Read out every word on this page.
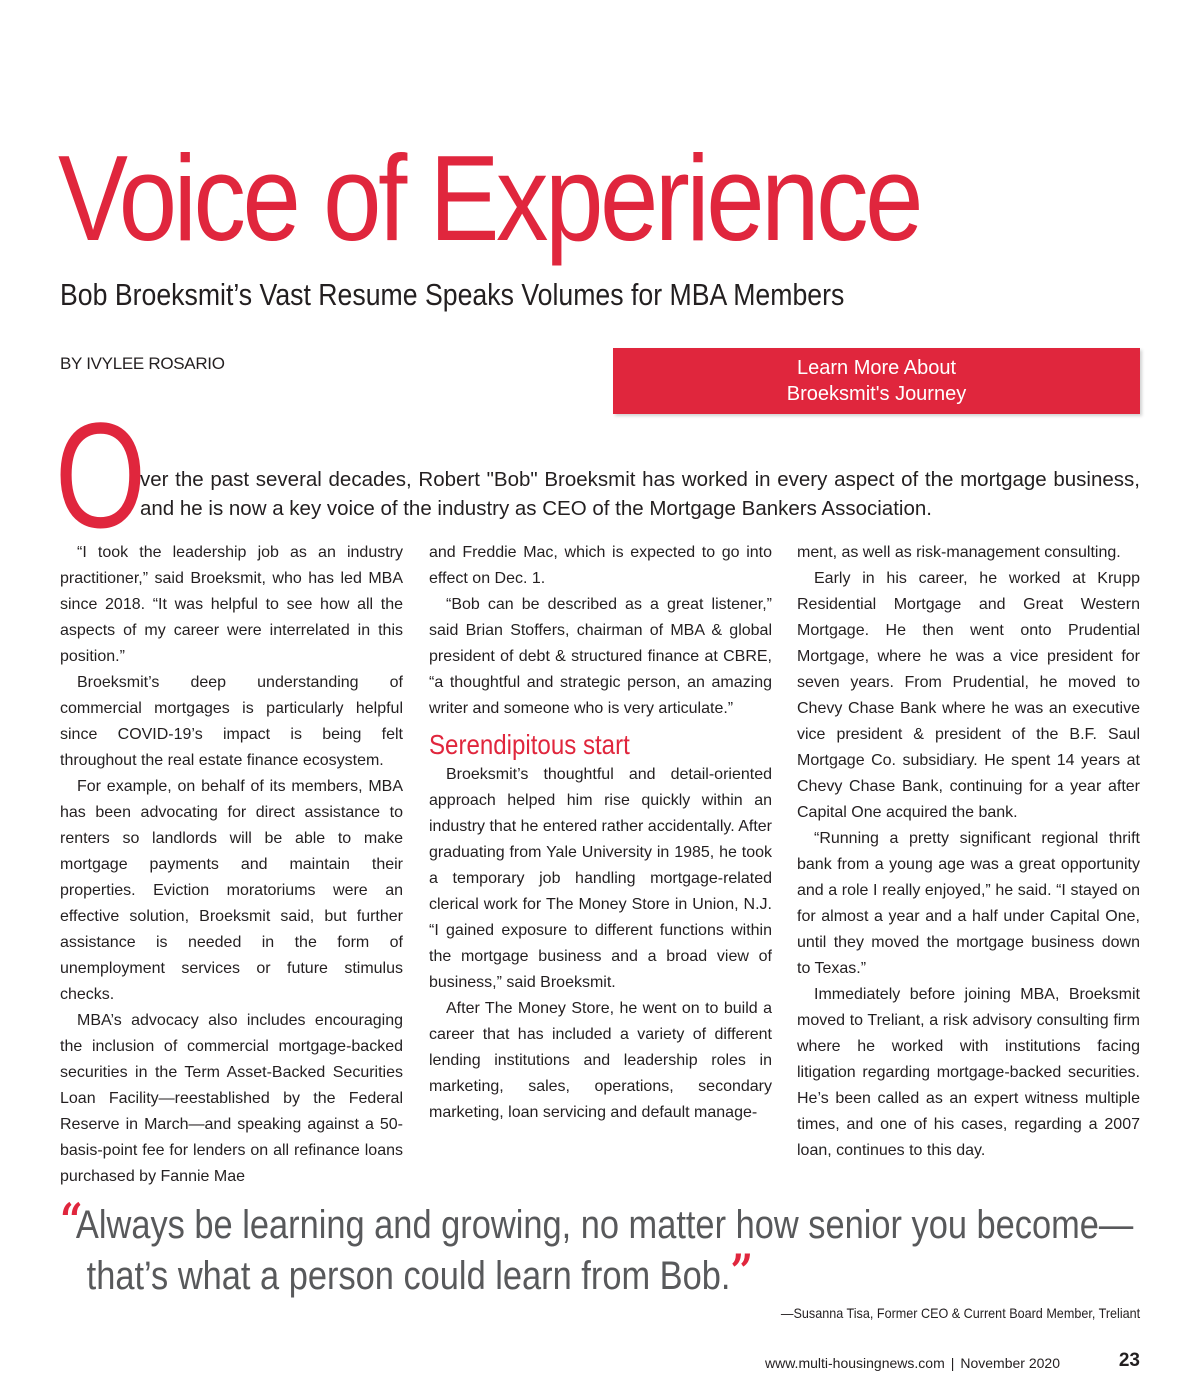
Voice of Experience
Bob Broeksmit’s Vast Resume Speaks Volumes for MBA Members
BY IVYLEE ROSARIO	Learn More About
Broeksmit's Journey
O

ver the past several decades, Robert "Bob" Broeksmit has worked in every aspect of the mortgage business, and he is now a key voice of the industry as CEO of the Mortgage Bankers Association.

“I took the leadership job as an industry practitioner,” said Broeksmit, who has led MBA since 2018. “It was helpful to see how all the aspects of my career were interrelated in this position.”

Broeksmit’s deep understanding of commercial mortgages is particularly helpful since COVID-19’s impact is being felt throughout the real estate finance ecosystem.

For example, on behalf of its members, MBA has been advocating for direct assistance to renters so landlords will be able to make mortgage payments and maintain their properties. Eviction moratoriums were an effective solution, Broeksmit said, but further assistance is needed in the form of unemployment services or future stimulus checks.

MBA’s advocacy also includes encouraging the inclusion of commercial mortgage-backed securities in the Term Asset-Backed Securities Loan Facility—reestablished by the Federal Reserve in March—and speaking against a 50-basis-point fee for lenders on all refinance loans purchased by Fannie Mae

and Freddie Mac, which is expected to go into effect on Dec. 1.

“Bob can be described as a great listener,” said Brian Stoffers, chairman of MBA & global president of debt & structured finance at CBRE, “a thoughtful and strategic person, an amazing writer and someone who is very articulate.”

Serendipitous start

Broeksmit’s thoughtful and detail-oriented approach helped him rise quickly within an industry that he entered rather accidentally. After graduating from Yale University in 1985, he took a temporary job handling mortgage-related clerical work for The Money Store in Union, N.J. “I gained exposure to different functions within the mortgage business and a broad view of business,” said Broeksmit.

After The Money Store, he went on to build a career that has included a variety of different lending institutions and leadership roles in marketing, sales, operations, secondary marketing, loan servicing and default manage-

ment, as well as risk-management consulting.

Early in his career, he worked at Krupp Residential Mortgage and Great Western Mortgage. He then went onto Prudential Mortgage, where he was a vice president for seven years. From Prudential, he moved to Chevy Chase Bank where he was an executive vice president & president of the B.F. Saul Mortgage Co. subsidiary. He spent 14 years at Chevy Chase Bank, continuing for a year after Capital One acquired the bank.

“Running a pretty significant regional thrift bank from a young age was a great opportunity and a role I really enjoyed,” he said. “I stayed on for almost a year and a half under Capital One, until they moved the mortgage business down to Texas.”

Immediately before joining MBA, Broeksmit moved to Treliant, a risk advisory consulting firm where he worked with institutions facing litigation regarding mortgage-backed securities. He’s been called as an expert witness multiple times, and one of his cases, regarding a 2007 loan, continues to this day.

“Always be learning and growing, no matter how senior you become—
that’s what a person could learn from Bob.”
—Susanna Tisa, Former CEO & Current Board Member, Treliant
www.multi-housingnews.com | November 2020	23
